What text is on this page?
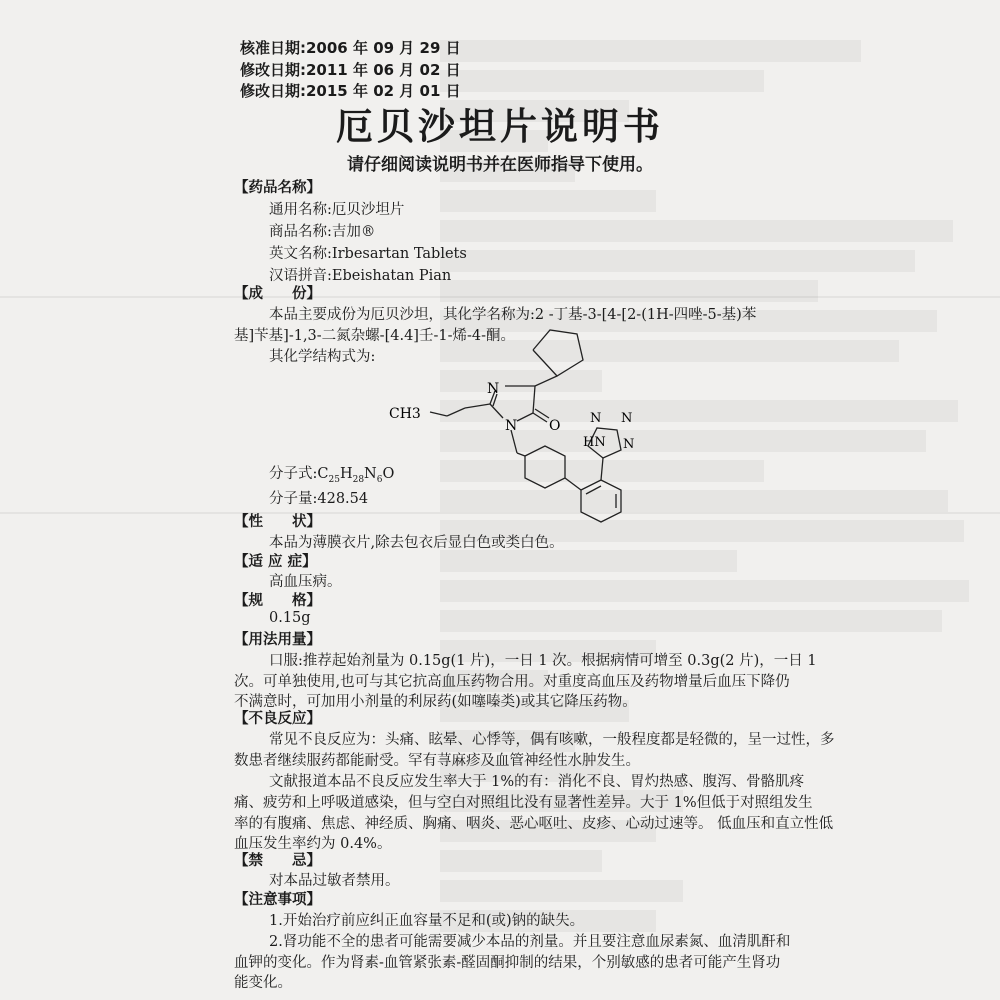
核准日期:2006 年 09 月 29 日
修改日期:2011 年 06 月 02 日
修改日期:2015 年 02 月 01 日
厄贝沙坦片说明书
请仔细阅读说明书并在医师指导下使用。
【药品名称】
通用名称:厄贝沙坦片
商品名称:吉加®
英文名称:Irbesartan Tablets
汉语拼音:Ebeishatan Pian
【成　　份】
本品主要成份为厄贝沙坦，其化学名称为:2 -丁基-3-[4-[2-(1H-四唑-5-基)苯
基]苄基]-1,3-二氮杂螺-[4.4]壬-1-烯-4-酮。
其化学结构式为:
N
N
CH3
O N N
N
HN
分子式$:C_{25}H_{28}N_6O$
分子量:428.54
【性　　状】
本品为薄膜衣片,除去包衣后显白色或类白色。
【适 应 症】
高血压病。
【规　　格】
0.15g
【用法用量】
口服:推荐起始剂量为 0.15g(1 片)，一日 1 次。根据病情可增至 0.3g(2 片)，一日 1
次。可单独使用,也可与其它抗高血压药物合用。对重度高血压及药物增量后血压下降仍
不满意时，可加用小剂量的利尿药(如噻嗪类)或其它降压药物。
【不良反应】
常见不良反应为：头痛、眩晕、心悸等，偶有咳嗽，一般程度都是轻微的，呈一过性，多
数患者继续服药都能耐受。罕有荨麻疹及血管神经性水肿发生。
文献报道本品不良反应发生率大于 1%的有：消化不良、胃灼热感、腹泻、骨骼肌疼
痛、疲劳和上呼吸道感染，但与空白对照组比没有显著性差异。大于 1%但低于对照组发生
率的有腹痛、焦虑、神经质、胸痛、咽炎、恶心呕吐、皮疹、心动过速等。 低血压和直立性低
血压发生率约为 0.4%。
【禁　　忌】
对本品过敏者禁用。
【注意事项】
1.开始治疗前应纠正血容量不足和(或)钠的缺失。
2.肾功能不全的患者可能需要减少本品的剂量。并且要注意血尿素氮、血清肌酐和
血钾的变化。作为肾素-血管紧张素-醛固酮抑制的结果，个别敏感的患者可能产生肾功
能变化。
